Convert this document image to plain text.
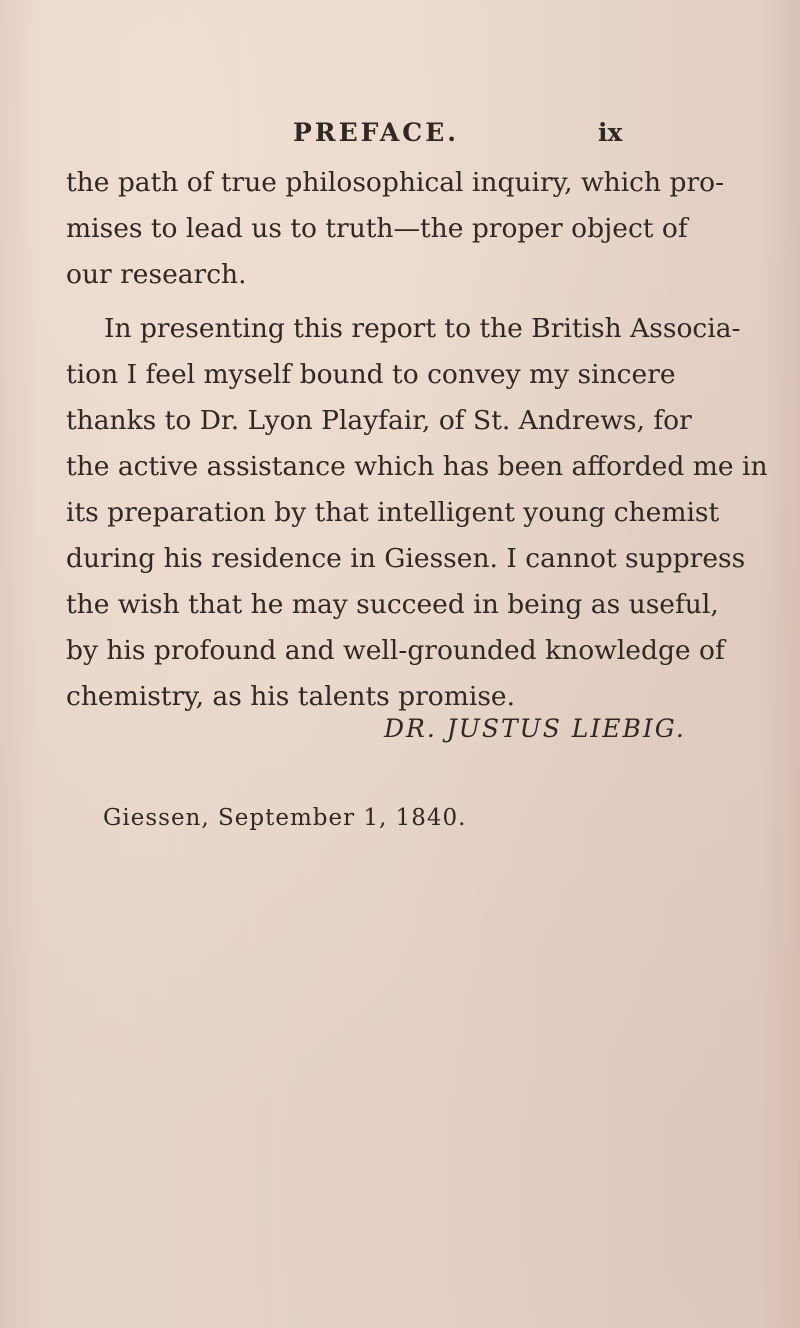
PREFACE.	ix
the path of true philosophical inquiry, which pro-
mises to lead us to truth—the proper object of
our research.
In presenting this report to the British Associa-
tion I feel myself bound to convey my sincere
thanks to Dr. Lyon Playfair, of St. Andrews, for
the active assistance which has been afforded me in
its preparation by that intelligent young chemist
during his residence in Giessen. I cannot suppress
the wish that he may succeed in being as useful,
by his profound and well-grounded knowledge of
chemistry, as his talents promise.
DR. JUSTUS LIEBIG.
Giessen, September 1, 1840.
